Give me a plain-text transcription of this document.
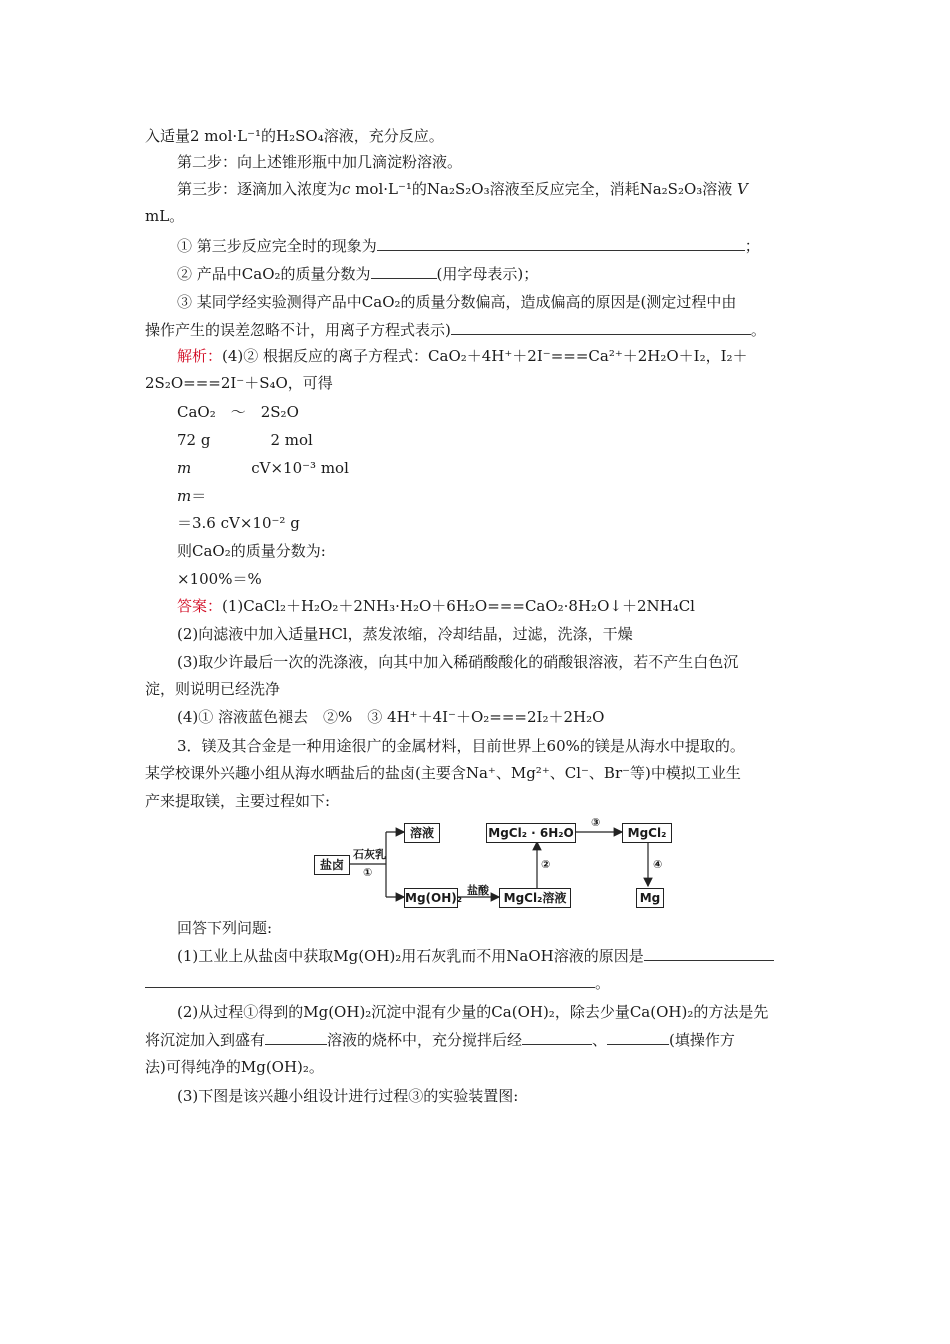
入适量2 mol·L⁻¹的H₂SO₄溶液，充分反应。
第二步：向上述锥形瓶中加几滴淀粉溶液。
第三步：逐滴加入浓度为c mol·L⁻¹的Na₂S₂O₃溶液至反应完全，消耗Na₂S₂O₃溶液 V
mL。
① 第三步反应完全时的现象为	；
② 产品中CaO₂的质量分数为	(用字母表示)；
③ 某同学经实验测得产品中CaO₂的质量分数偏高，造成偏高的原因是(测定过程中由
操作产生的误差忽略不计，用离子方程式表示)	。
解析：(4)② 根据反应的离子方程式：CaO₂＋4H⁺＋2I⁻===Ca²⁺＋2H₂O＋I₂，I₂＋
2S₂O===2I⁻＋S₄O，可得
CaO₂　～　2S₂O
72 g　　　　2 mol
m　　　　cV×10⁻³ mol
m＝
＝3.6 cV×10⁻² g
则CaO₂的质量分数为:
×100%＝%
答案：(1)CaCl₂＋H₂O₂＋2NH₃·H₂O＋6H₂O===CaO₂·8H₂O↓＋2NH₄Cl
(2)向滤液中加入适量HCl，蒸发浓缩，冷却结晶，过滤，洗涤，干燥
(3)取少许最后一次的洗涤液，向其中加入稀硝酸酸化的硝酸银溶液，若不产生白色沉
淀，则说明已经洗净
(4)① 溶液蓝色褪去　②%　③ 4H⁺＋4I⁻＋O₂===2I₂＋2H₂O
3．镁及其合金是一种用途很广的金属材料，目前世界上60%的镁是从海水中提取的。
某学校课外兴趣小组从海水晒盐后的盐卤(主要含Na⁺、Mg²⁺、Cl⁻、Br⁻等)中模拟工业生
产来提取镁，主要过程如下:
盐卤
溶液
Mg(OH)₂
MgCl₂ · 6H₂O
MgCl₂溶液
MgCl₂
Mg
石灰乳
①
盐酸
②
③
④
回答下列问题:
(1)工业上从盐卤中获取Mg(OH)₂用石灰乳而不用NaOH溶液的原因是
。
(2)从过程①得到的Mg(OH)₂沉淀中混有少量的Ca(OH)₂，除去少量Ca(OH)₂的方法是先
将沉淀加入到盛有	溶液的烧杯中，充分搅拌后经	、	(填操作方
法)可得纯净的Mg(OH)₂。
(3)下图是该兴趣小组设计进行过程③的实验装置图:
